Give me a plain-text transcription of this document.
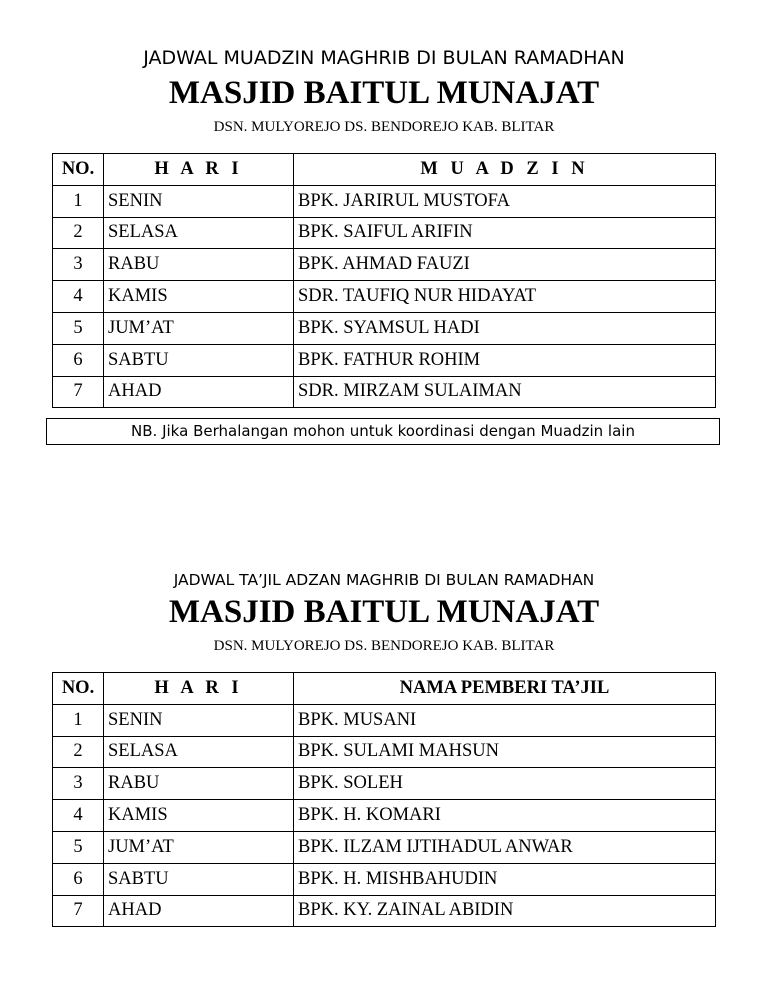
JADWAL MUADZIN MAGHRIB DI BULAN RAMADHAN
MASJID BAITUL MUNAJAT
DSN. MULYOREJO DS. BENDOREJO KAB. BLITAR
NO.	H A R I	M U A D Z I N
1	SENIN	BPK. JARIRUL MUSTOFA
2	SELASA	BPK. SAIFUL ARIFIN
3	RABU	BPK. AHMAD FAUZI
4	KAMIS	SDR. TAUFIQ NUR HIDAYAT
5	JUM’AT	BPK. SYAMSUL HADI
6	SABTU	BPK. FATHUR ROHIM
7	AHAD	SDR. MIRZAM SULAIMAN
NB. Jika Berhalangan mohon untuk koordinasi dengan Muadzin lain
JADWAL TA’JIL ADZAN MAGHRIB DI BULAN RAMADHAN
MASJID BAITUL MUNAJAT
DSN. MULYOREJO DS. BENDOREJO KAB. BLITAR
NO.	H A R I	NAMA PEMBERI TA’JIL
1	SENIN	BPK. MUSANI
2	SELASA	BPK. SULAMI MAHSUN
3	RABU	BPK. SOLEH
4	KAMIS	BPK. H. KOMARI
5	JUM’AT	BPK. ILZAM IJTIHADUL ANWAR
6	SABTU	BPK. H. MISHBAHUDIN
7	AHAD	BPK. KY. ZAINAL ABIDIN
